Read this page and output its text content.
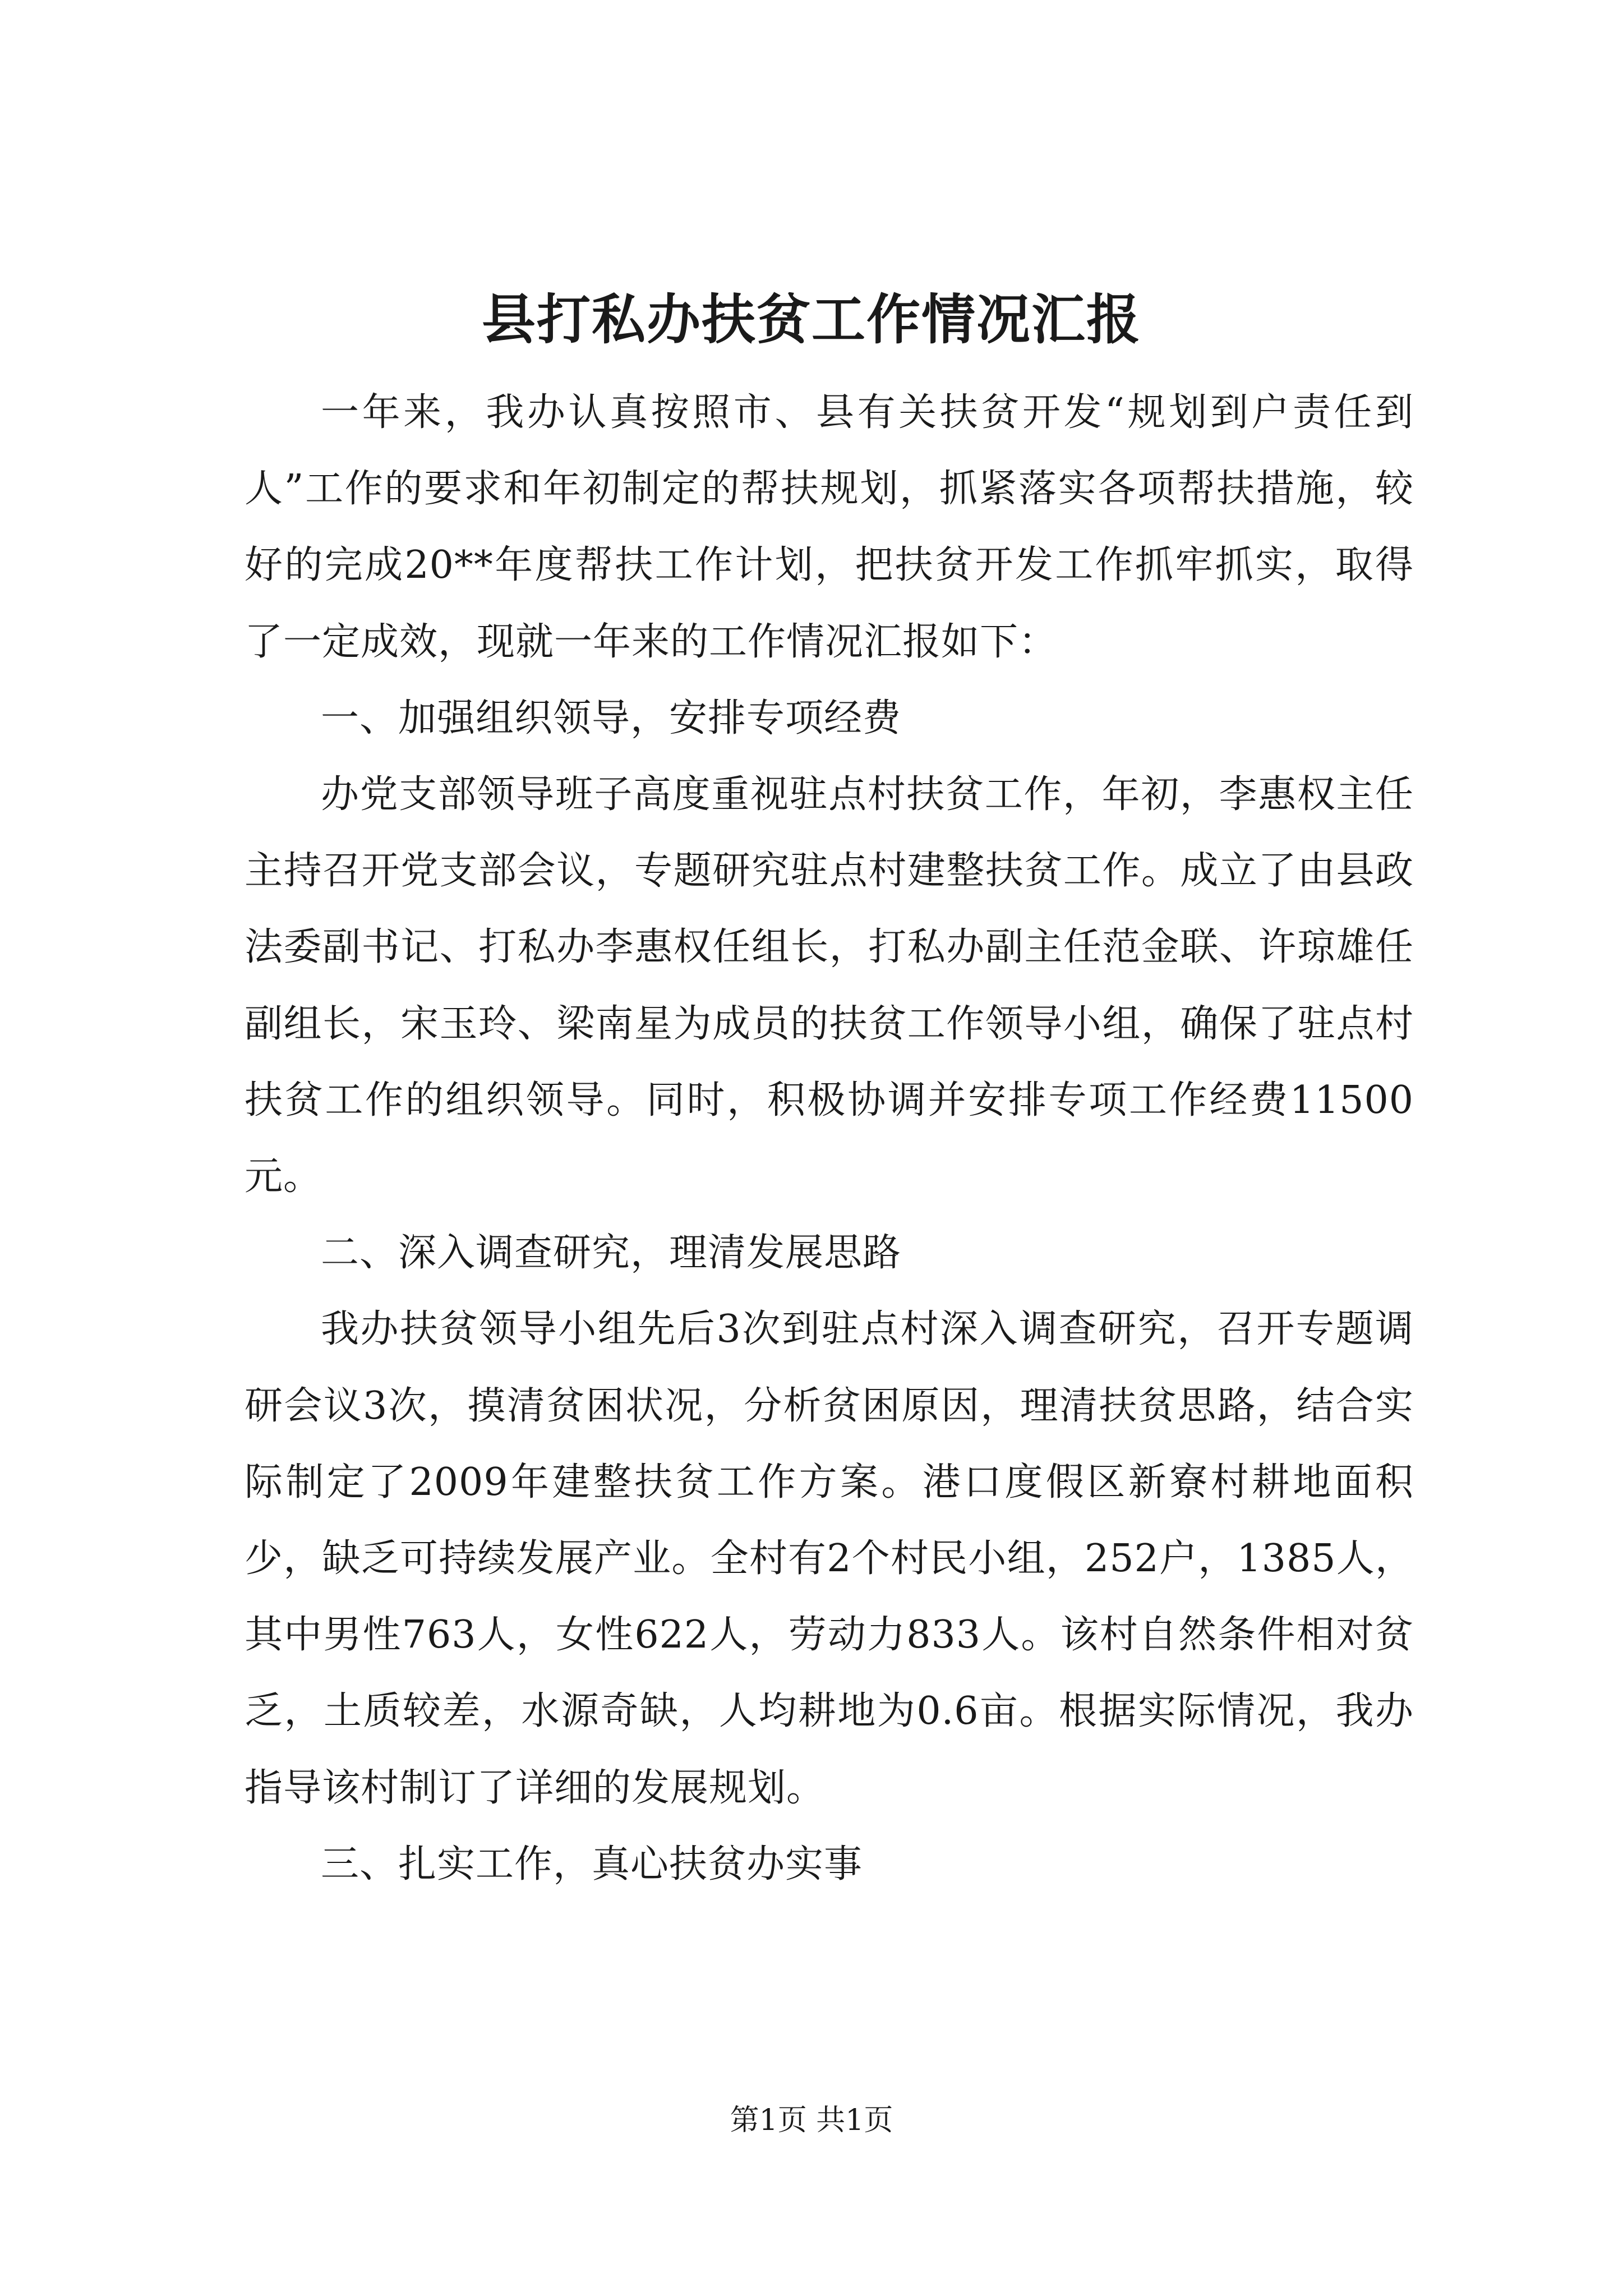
县打私办扶贫工作情况汇报

一年来，我办认真按照市、县有关扶贫开发“规划到户责任到人”工作的要求和年初制定的帮扶规划，抓紧落实各项帮扶措施，较好的完成20**年度帮扶工作计划，把扶贫开发工作抓牢抓实，取得了一定成效，现就一年来的工作情况汇报如下：

一、加强组织领导，安排专项经费

办党支部领导班子高度重视驻点村扶贫工作，年初，李惠权主任主持召开党支部会议，专题研究驻点村建整扶贫工作。成立了由县政法委副书记、打私办李惠权任组长，打私办副主任范金联、许琼雄任副组长，宋玉玲、梁南星为成员的扶贫工作领导小组，确保了驻点村扶贫工作的组织领导。同时，积极协调并安排专项工作经费11500元。

二、深入调查研究，理清发展思路

我办扶贫领导小组先后3次到驻点村深入调查研究，召开专题调研会议3次，摸清贫困状况，分析贫困原因，理清扶贫思路，结合实际制定了2009年建整扶贫工作方案。港口度假区新寮村耕地面积少，缺乏可持续发展产业。全村有2个村民小组，252户，1385人，其中男性763人，女性622人，劳动力833人。该村自然条件相对贫乏，土质较差，水源奇缺，人均耕地为0.6亩。根据实际情况，我办指导该村制订了详细的发展规划。

三、扎实工作，真心扶贫办实事

第1页 共1页
